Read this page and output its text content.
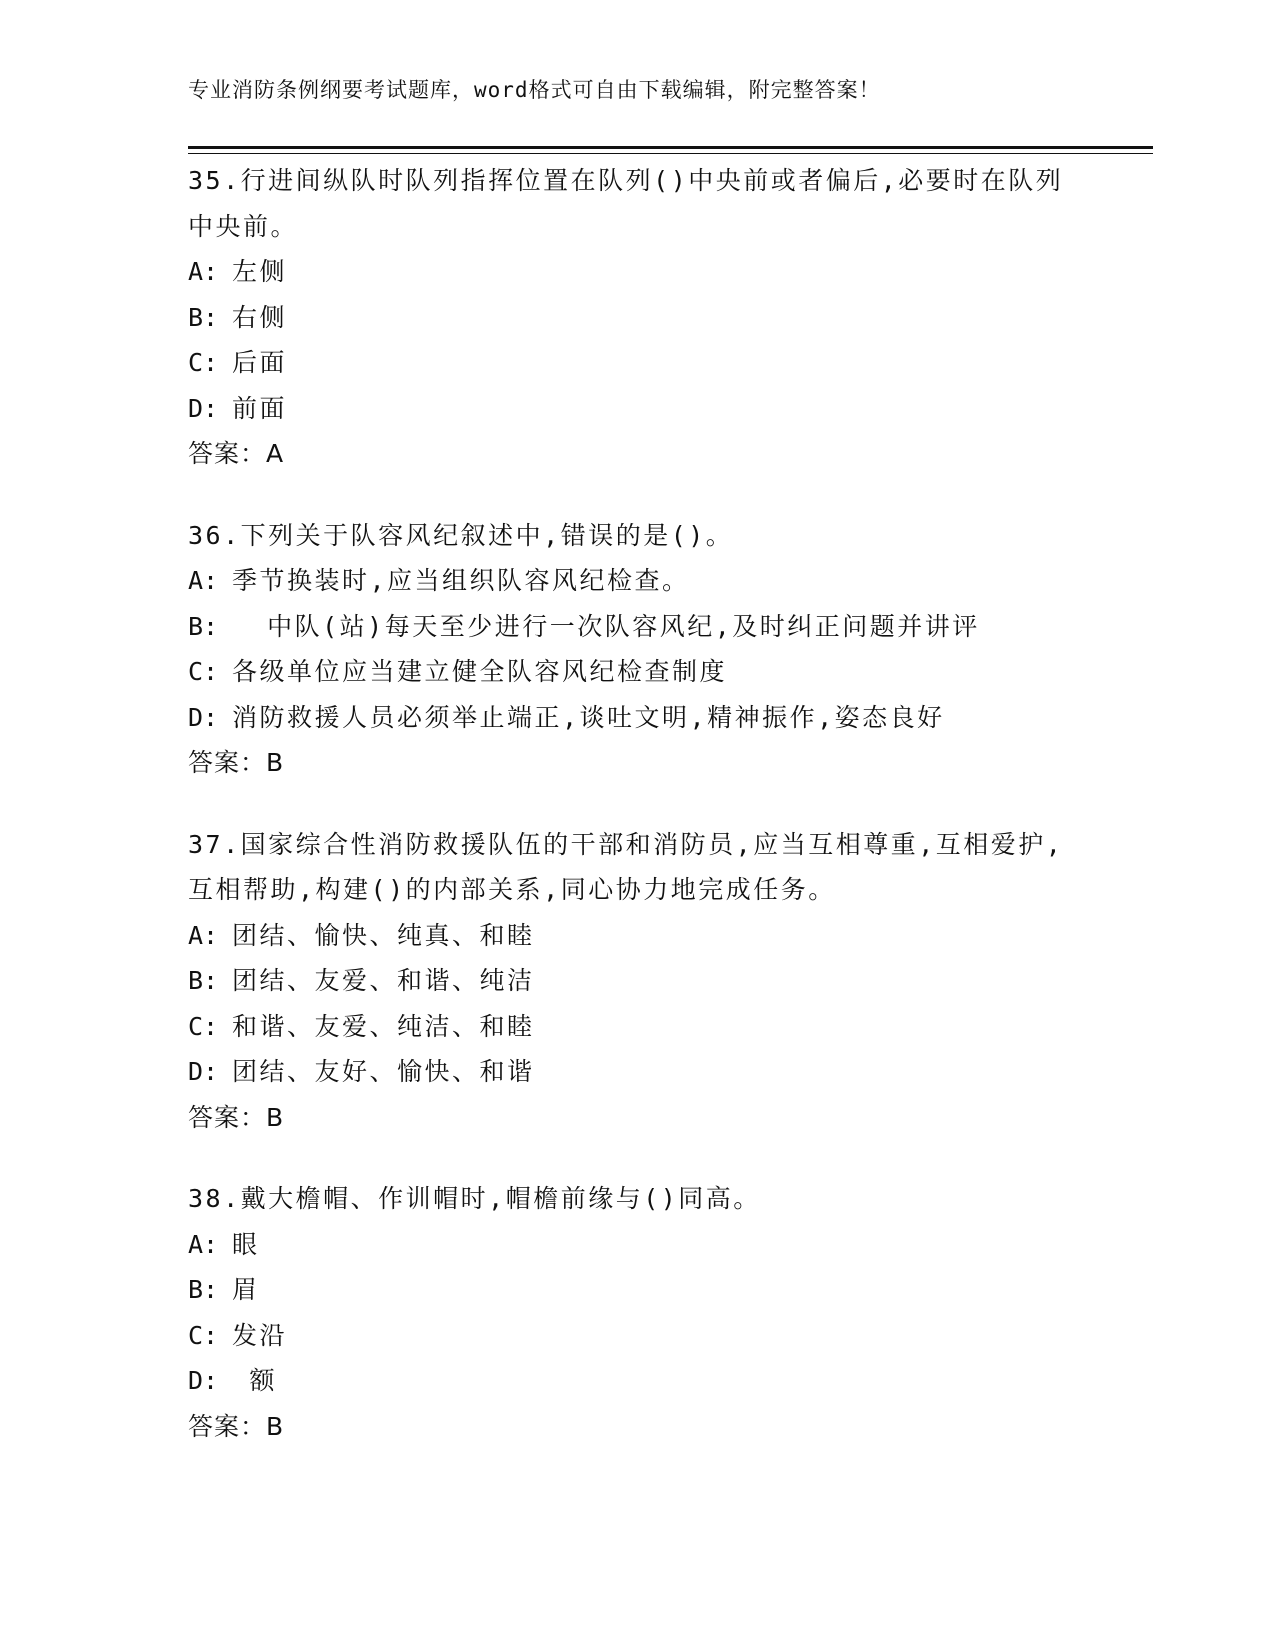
专业消防条例纲要考试题库，word格式可自由下载编辑，附完整答案！

35.行进间纵队时队列指挥位置在队列()中央前或者偏后,必要时在队列中央前。

A: 左侧
B: 右侧
C: 后面
D: 前面
答案：A

36.下列关于队容风纪叙述中,错误的是()。

A: 季节换装时,应当组织队容风纪检查。
B:  中队(站)每天至少进行一次队容风纪,及时纠正问题并讲评
C: 各级单位应当建立健全队容风纪检查制度
D: 消防救援人员必须举止端正,谈吐文明,精神振作,姿态良好
答案：B

37.国家综合性消防救援队伍的干部和消防员,应当互相尊重,互相爱护,互相帮助,构建()的内部关系,同心协力地完成任务。

A: 团结、愉快、纯真、和睦
B: 团结、友爱、和谐、纯洁
C: 和谐、友爱、纯洁、和睦
D: 团结、友好、愉快、和谐
答案：B

38.戴大檐帽、作训帽时,帽檐前缘与()同高。

A: 眼
B: 眉
C: 发沿
D: 额
答案：B
